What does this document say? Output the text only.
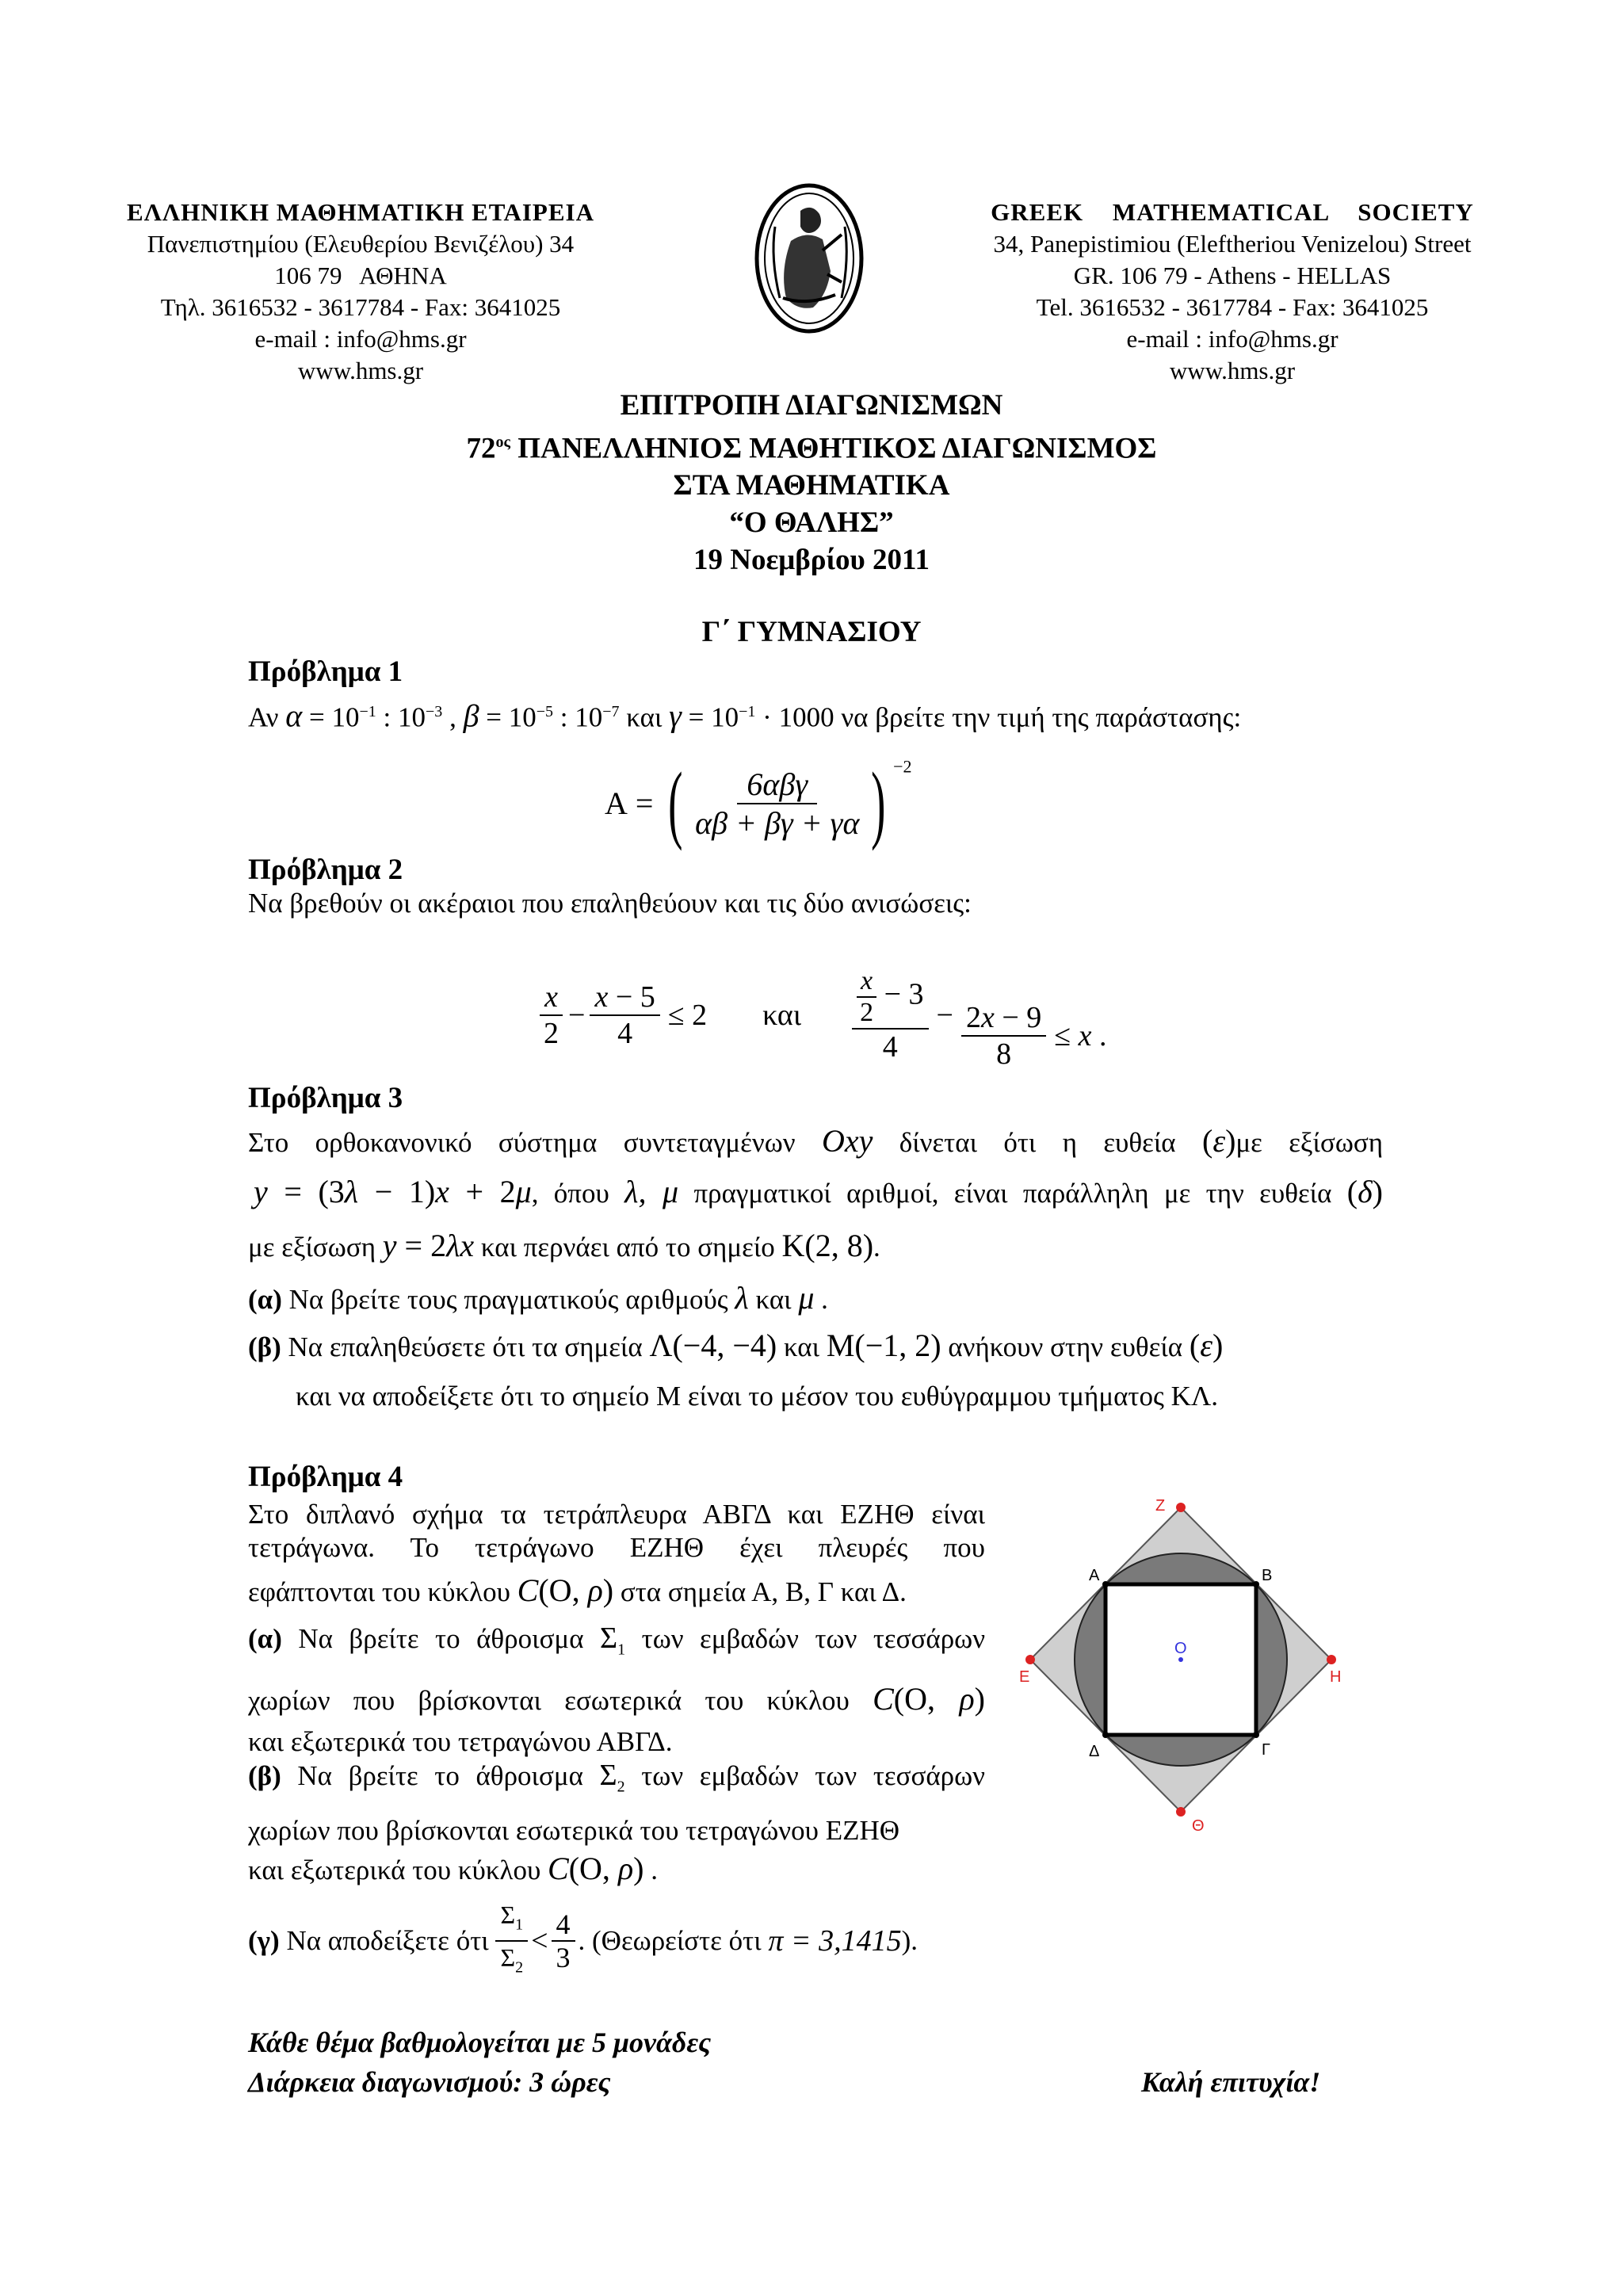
ΕΛΛΗΝΙΚΗ ΜΑΘΗΜΑΤΙΚΗ ΕΤΑΙΡΕΙΑ
Πανεπιστημίου (Ελευθερίου Βενιζέλου) 34
106 79   ΑΘΗΝΑ
Τηλ. 3616532 - 3617784 - Fax: 3641025
e-mail : info@hms.gr
www.hms.gr
GREEK MATHEMATICAL SOCIETY
34, Panepistimiou (Eleftheriou Venizelou) Street
GR. 106 79 - Athens - HELLAS
Tel. 3616532 - 3617784 - Fax: 3641025
e-mail : info@hms.gr
www.hms.gr
ΕΠΙΤΡΟΠΗ ΔΙΑΓΩΝΙΣΜΩΝ
$72^{o\varsigma}$ ΠΑΝΕΛΛΗΝΙΟΣ ΜΑΘΗΤΙΚΟΣ ΔΙΑΓΩΝΙΣΜΟΣ
ΣΤΑ ΜΑΘΗΜΑΤΙΚΑ
“Ο ΘΑΛΗΣ”
19 Νοεμβρίου 2011
Γ΄ ΓΥΜΝΑΣΙΟΥ
Πρόβλημα 1
Αν $\alpha = 10^{-1}$ : $10^{-3}$ , $\beta = 10^{-5}$ : $10^{-7}$ και $\gamma = 10^{-1} \cdot 1000$ να βρείτε την τιμή της παράστασης:
Α = ( $\frac{\text{6αβγ}}{\alpha\beta + \beta\gamma + \gamma\alpha}$ ) $^{-2}$
Πρόβλημα 2
Να βρεθούν οι ακέραιοι που επαληθεύουν και τις δύο ανισώσεις:
$\frac{x}{2} - \frac{x - 5}{4} \le 2$ και $\frac{\frac{x}{2} - 3}{4} - \frac{2x - 9}{8} \le x$ .
Πρόβλημα 3
Στο ορθοκανονικό σύστημα συντεταγμένων Oxy δίνεται ότι η ευθεία (ε)με εξίσωση
y = (3λ − 1)x + 2μ, όπου λ, μ πραγματικοί αριθμοί, είναι παράλληλη με την ευθεία (δ)
με εξίσωση y = 2λx και περνάει από το σημείο Κ(2, 8).
(α) Να βρείτε τους πραγματικούς αριθμούς λ και μ .
(β) Να επαληθεύσετε ότι τα σημεία Λ(−4, −4) και Μ(−1, 2) ανήκουν στην ευθεία (ε)
και να αποδείξετε ότι το σημείο Μ είναι το μέσον του ευθύγραμμου τμήματος ΚΛ.
Πρόβλημα 4
Στο διπλανό σχήμα τα τετράπλευρα ΑΒΓΔ και ΕΖΗΘ είναι
τετράγωνα. Το τετράγωνο ΕΖΗΘ έχει πλευρές που
εφάπτονται του κύκλου C(Ο, ρ) στα σημεία Α, Β, Γ και Δ.
(α) Να βρείτε το άθροισμα $\Sigma_1$ των εμβαδών των τεσσάρων
χωρίων που βρίσκονται εσωτερικά του κύκλου C(Ο, ρ)
και εξωτερικά του τετραγώνου ΑΒΓΔ.
(β) Να βρείτε το άθροισμα $\Sigma_2$ των εμβαδών των τεσσάρων
χωρίων που βρίσκονται εσωτερικά του τετραγώνου ΕΖΗΘ
και εξωτερικά του κύκλου C(Ο, ρ) .
(γ)
Να αποδείξετε ότι
$\frac{\Sigma_1}{\Sigma_2} < \frac{4}{3}$ . (Θεωρείστε ότι
π = 3,1415 ).
Ζ
Α	Β
Ο
Ε	Η
Δ	Γ
Θ
Κάθε θέμα βαθμολογείται με 5 μονάδες
Διάρκεια διαγωνισμού: 3 ώρες	Καλή επιτυχία!
